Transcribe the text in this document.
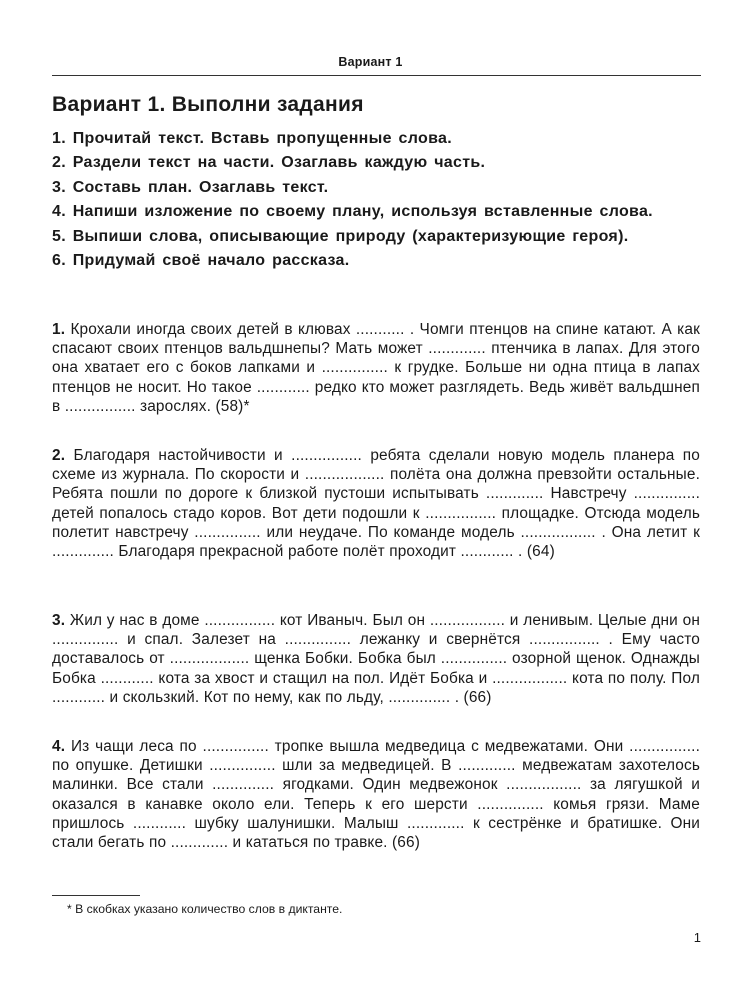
Вариант 1
Вариант 1. Выполни задания
1. Прочитай текст. Вставь пропущенные слова.
2. Раздели текст на части. Озаглавь каждую часть.
3. Составь план. Озаглавь текст.
4. Напиши изложение по своему плану, используя вставленные слова.
5. Выпиши слова, описывающие природу (характеризующие героя).
6. Придумай своё начало рассказа.

1. Крохали иногда своих детей в клювах ........... . Чомги птенцов на спине катают. А как спасают своих птенцов вальдшнепы? Мать может ............. птенчика в лапах. Для этого она хватает его с боков лапками и ............... к грудке. Больше ни одна птица в лапах птенцов не носит. Но такое ............ редко кто может разглядеть. Ведь живёт вальдшнеп в ................ зарослях. (58)*

2. Благодаря настойчивости и ................ ребята сделали новую модель планера по схеме из журнала. По скорости и .................. полёта она должна превзойти остальные. Ребята пошли по дороге к близкой пустоши испытывать ............. Навстречу ............... детей попалось стадо коров. Вот дети подошли к ................ площадке. Отсюда модель полетит навстречу ............... или неудаче. По команде модель ................. . Она летит к .............. Благодаря прекрасной работе полёт проходит ............ . (64)

3. Жил у нас в доме ................ кот Иваныч. Был он ................. и ленивым. Целые дни он ............... и спал. Залезет на ............... лежанку и свернётся ................ . Ему часто доставалось от .................. щенка Бобки. Бобка был ............... озорной щенок. Однажды Бобка ............ кота за хвост и стащил на пол. Идёт Бобка и ................. кота по полу. Пол ............ и скользкий. Кот по нему, как по льду, .............. . (66)

4. Из чащи леса по ............... тропке вышла медведица с медвежатами. Они ................ по опушке. Детишки ............... шли за медведицей. В ............. медвежатам захотелось малинки. Все стали .............. ягодками. Один медвежонок ................. за лягушкой и оказался в канавке около ели. Теперь к его шерсти ............... комья грязи. Маме пришлось ............ шубку шалунишки. Малыш ............. к сестрёнке и братишке. Они стали бегать по ............. и кататься по травке. (66)

* В скобках указано количество слов в диктанте.

1
